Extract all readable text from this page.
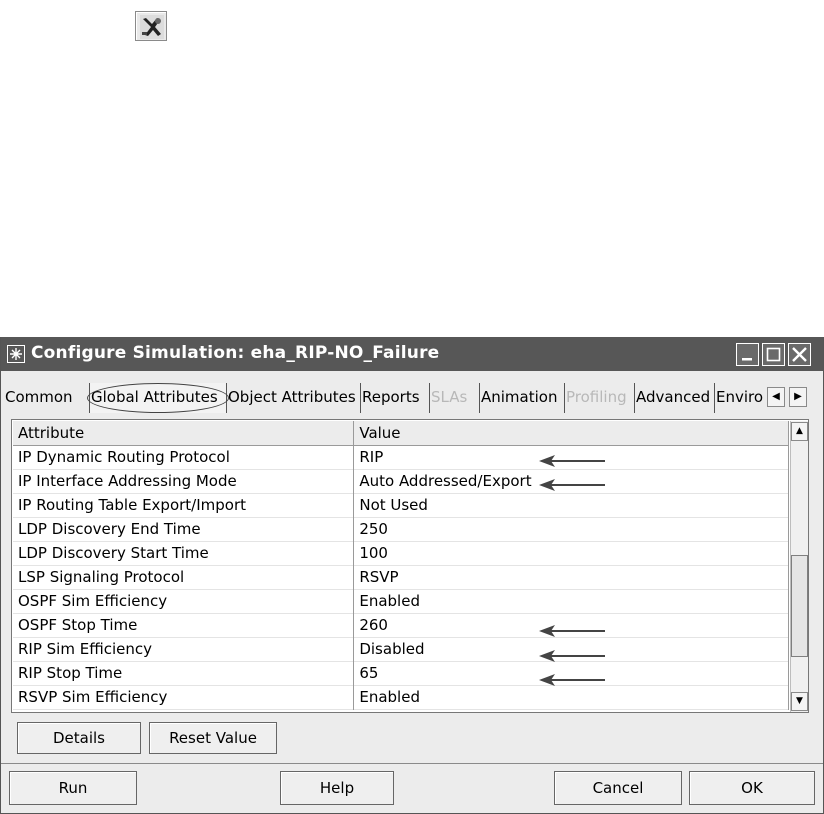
Configure Simulation: eha_RIP-NO_Failure
Common	Global Attributes Object Attributes Reports SLAs Animation Profiling Advanced Enviro ◀	▶
Attribute	Value
IP Dynamic Routing Protocol	RIP
IP Interface Addressing Mode	Auto Addressed/Export
IP Routing Table Export/Import	Not Used
LDP Discovery End Time	250
LDP Discovery Start Time	100
LSP Signaling Protocol	RSVP
OSPF Sim Efficiency	Enabled
OSPF Stop Time	260
RIP Sim Efficiency	Disabled
RIP Stop Time	65
RSVP Sim Efficiency	Enabled
▲
▼
Details	Reset Value
Run	Help	Cancel	OK
